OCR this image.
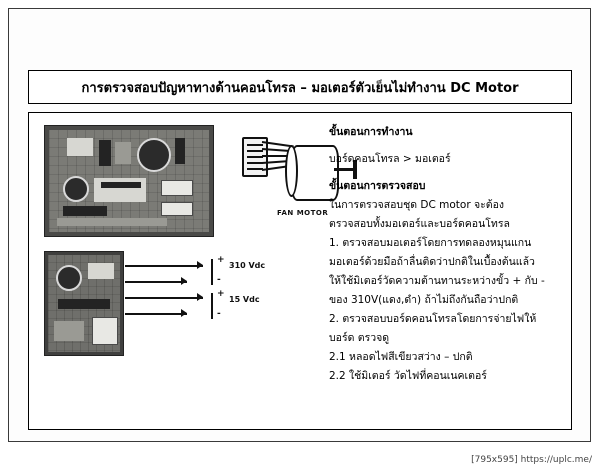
การตรวจสอบปัญหาทางด้านคอนโทรล – มอเตอร์ตัวเย็นไม่ทำงาน DC Motor
FAN MOTOR
+
-
+
-
310 Vdc
15 Vdc
ขั้นตอนการทำงาน
บอร์ดคอนโทรล > มอเตอร์
ขั้นตอนการตรวจสอบ
ในการตรวจสอบชุด DC motor จะต้อง
ตรวจสอบทั้งมอเตอร์และบอร์ดคอนโทรล
1. ตรวจสอบมอเตอร์โดยการทดลองหมุนแกน
มอเตอร์ด้วยมือถ้าลื่นติดว่าปกติในเบื้องต้นแล้ว
ให้ใช้มิเตอร์วัดความต้านทานระหว่างขั้ว + กับ -
ของ 310V(แดง,ดำ) ถ้าไม่ถึงกันถือว่าปกติ
2. ตรวจสอบบอร์ดคอนโทรลโดยการจ่ายไฟให้
บอร์ด ตรวจดู
2.1 หลอดไฟสีเขียวสว่าง – ปกติ
2.2 ใช้มิเตอร์ วัดไฟที่คอนเนคเตอร์
[795x595] https://uplc.me/
